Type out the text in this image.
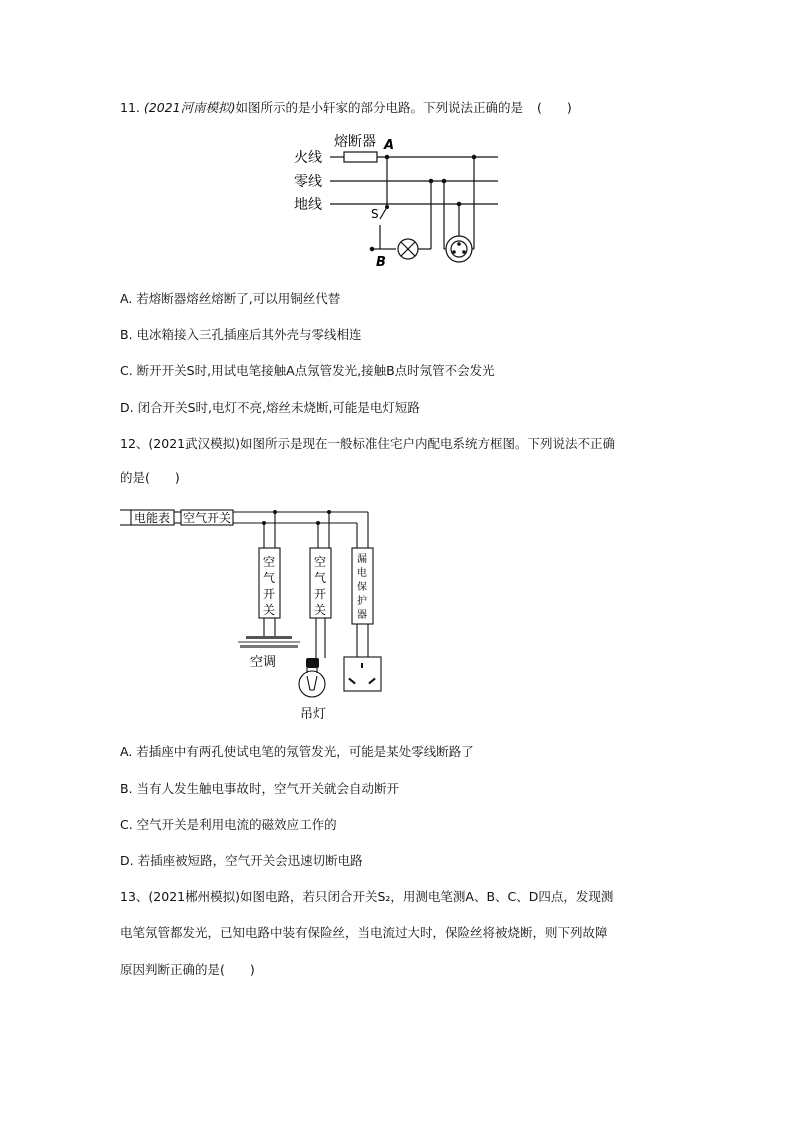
11. (2021河南模拟)如图所示的是小轩家的部分电路。下列说法正确的是 (　　)
熔断器 A
火线
零线
地线
S
B
A. 若熔断器熔丝熔断了,可以用铜丝代替
B. 电冰箱接入三孔插座后其外壳与零线相连
C. 断开开关S时,用试电笔接触A点氖管发光,接触B点时氖管不会发光
D. 闭合开关S时,电灯不亮,熔丝未烧断,可能是电灯短路
12、(2021武汉模拟)如图所示是现在一般标准住宅户内配电系统方框图。下列说法不正确
的是(　　)
电能表 空气开关
空
气
开
关
空
气
开
关
漏
电
保
护
器
空调
吊灯
A. 若插座中有两孔使试电笔的氖管发光，可能是某处零线断路了
B. 当有人发生触电事故时，空气开关就会自动断开
C. 空气开关是利用电流的磁效应工作的
D. 若插座被短路，空气开关会迅速切断电路
13、(2021郴州模拟)如图电路，若只闭合开关S₂，用测电笔测A、B、C、D四点，发现测
电笔氖管都发光，已知电路中装有保险丝，当电流过大时，保险丝将被烧断，则下列故障
原因判断正确的是(　　)
